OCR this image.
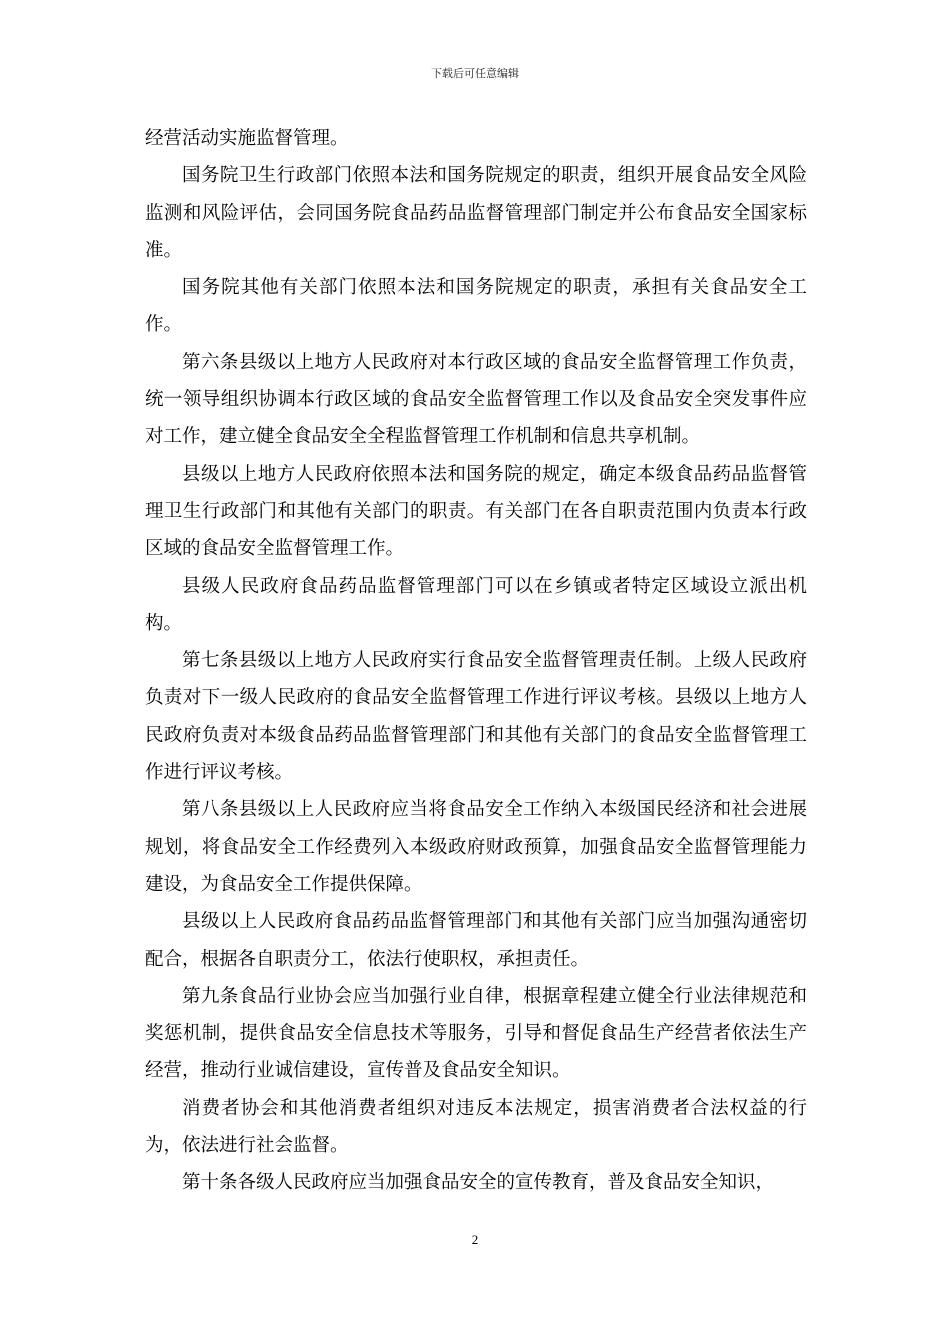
下载后可任意编辑

经营活动实施监督管理。

国务院卫生行政部门依照本法和国务院规定的职责，组织开展食品安全风险监测和风险评估，会同国务院食品药品监督管理部门制定并公布食品安全国家标准。

国务院其他有关部门依照本法和国务院规定的职责，承担有关食品安全工作。

第六条县级以上地方人民政府对本行政区域的食品安全监督管理工作负责，统一领导组织协调本行政区域的食品安全监督管理工作以及食品安全突发事件应对工作，建立健全食品安全全程监督管理工作机制和信息共享机制。

县级以上地方人民政府依照本法和国务院的规定，确定本级食品药品监督管理卫生行政部门和其他有关部门的职责。有关部门在各自职责范围内负责本行政区域的食品安全监督管理工作。

县级人民政府食品药品监督管理部门可以在乡镇或者特定区域设立派出机构。

第七条县级以上地方人民政府实行食品安全监督管理责任制。上级人民政府负责对下一级人民政府的食品安全监督管理工作进行评议考核。县级以上地方人民政府负责对本级食品药品监督管理部门和其他有关部门的食品安全监督管理工作进行评议考核。

第八条县级以上人民政府应当将食品安全工作纳入本级国民经济和社会进展规划，将食品安全工作经费列入本级政府财政预算，加强食品安全监督管理能力建设，为食品安全工作提供保障。

县级以上人民政府食品药品监督管理部门和其他有关部门应当加强沟通密切配合，根据各自职责分工，依法行使职权，承担责任。

第九条食品行业协会应当加强行业自律，根据章程建立健全行业法律规范和奖惩机制，提供食品安全信息技术等服务，引导和督促食品生产经营者依法生产经营，推动行业诚信建设，宣传普及食品安全知识。

消费者协会和其他消费者组织对违反本法规定，损害消费者合法权益的行为，依法进行社会监督。

第十条各级人民政府应当加强食品安全的宣传教育，普及食品安全知识，

2
